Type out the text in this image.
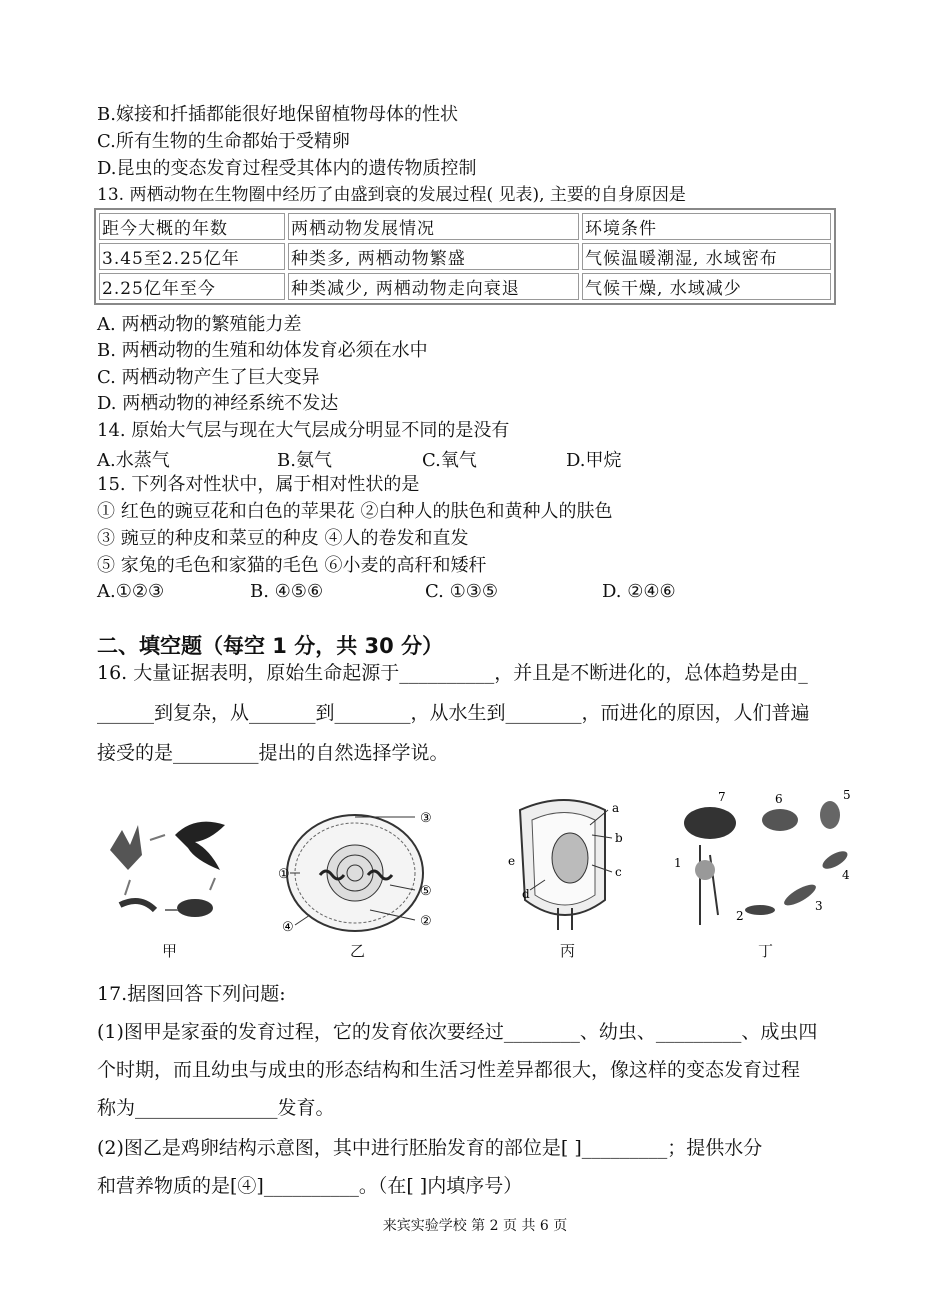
B.嫁接和扦插都能很好地保留植物母体的性状
C.所有生物的生命都始于受精卵
D.昆虫的变态发育过程受其体内的遗传物质控制
13. 两栖动物在生物圈中经历了由盛到衰的发展过程( 见表), 主要的自身原因是
距今大概的年数	两栖动物发展情况	环境条件
3.45至2.25亿年	种类多, 两栖动物繁盛	气候温暖潮湿, 水域密布
2.25亿年至今	种类减少, 两栖动物走向衰退	气候干燥, 水域减少
A. 两栖动物的繁殖能力差
B. 两栖动物的生殖和幼体发育必须在水中
C. 两栖动物产生了巨大变异
D. 两栖动物的神经系统不发达
14. 原始大气层与现在大气层成分明显不同的是没有
A.水蒸气	B.氨气	C.氧气	D.甲烷
15. 下列各对性状中，属于相对性状的是
① 红色的豌豆花和白色的苹果花 ②白种人的肤色和黄种人的肤色
③ 豌豆的种皮和菜豆的种皮 ④人的卷发和直发
⑤ 家兔的毛色和家猫的毛色 ⑥小麦的高秆和矮秆
A.①②③	B. ④⑤⑥	C. ①③⑤	D. ②④⑥
二、填空题（每空 1 分，共 30 分）
16. 大量证据表明，原始生命起源于__________，并且是不断进化的，总体趋势是由_
______到复杂，从_______到________，从水生到________，而进化的原因，人们普遍
接受的是_________提出的自然选择学说。
甲
①
②
③
④
⑤
乙
a
b
c
d
e
丙
1
2
3
4
5
6
7
丁
17.据图回答下列问题:
(1)图甲是家蚕的发育过程，它的发育依次要经过________、幼虫、_________、成虫四
个时期，而且幼虫与成虫的形态结构和生活习性差异都很大，像这样的变态发育过程
称为_______________发育。
(2)图乙是鸡卵结构示意图，其中进行胚胎发育的部位是[ ]_________；提供水分
和营养物质的是[④]__________。（在[ ]内填序号）
来宾实验学校 第 2 页 共 6 页
